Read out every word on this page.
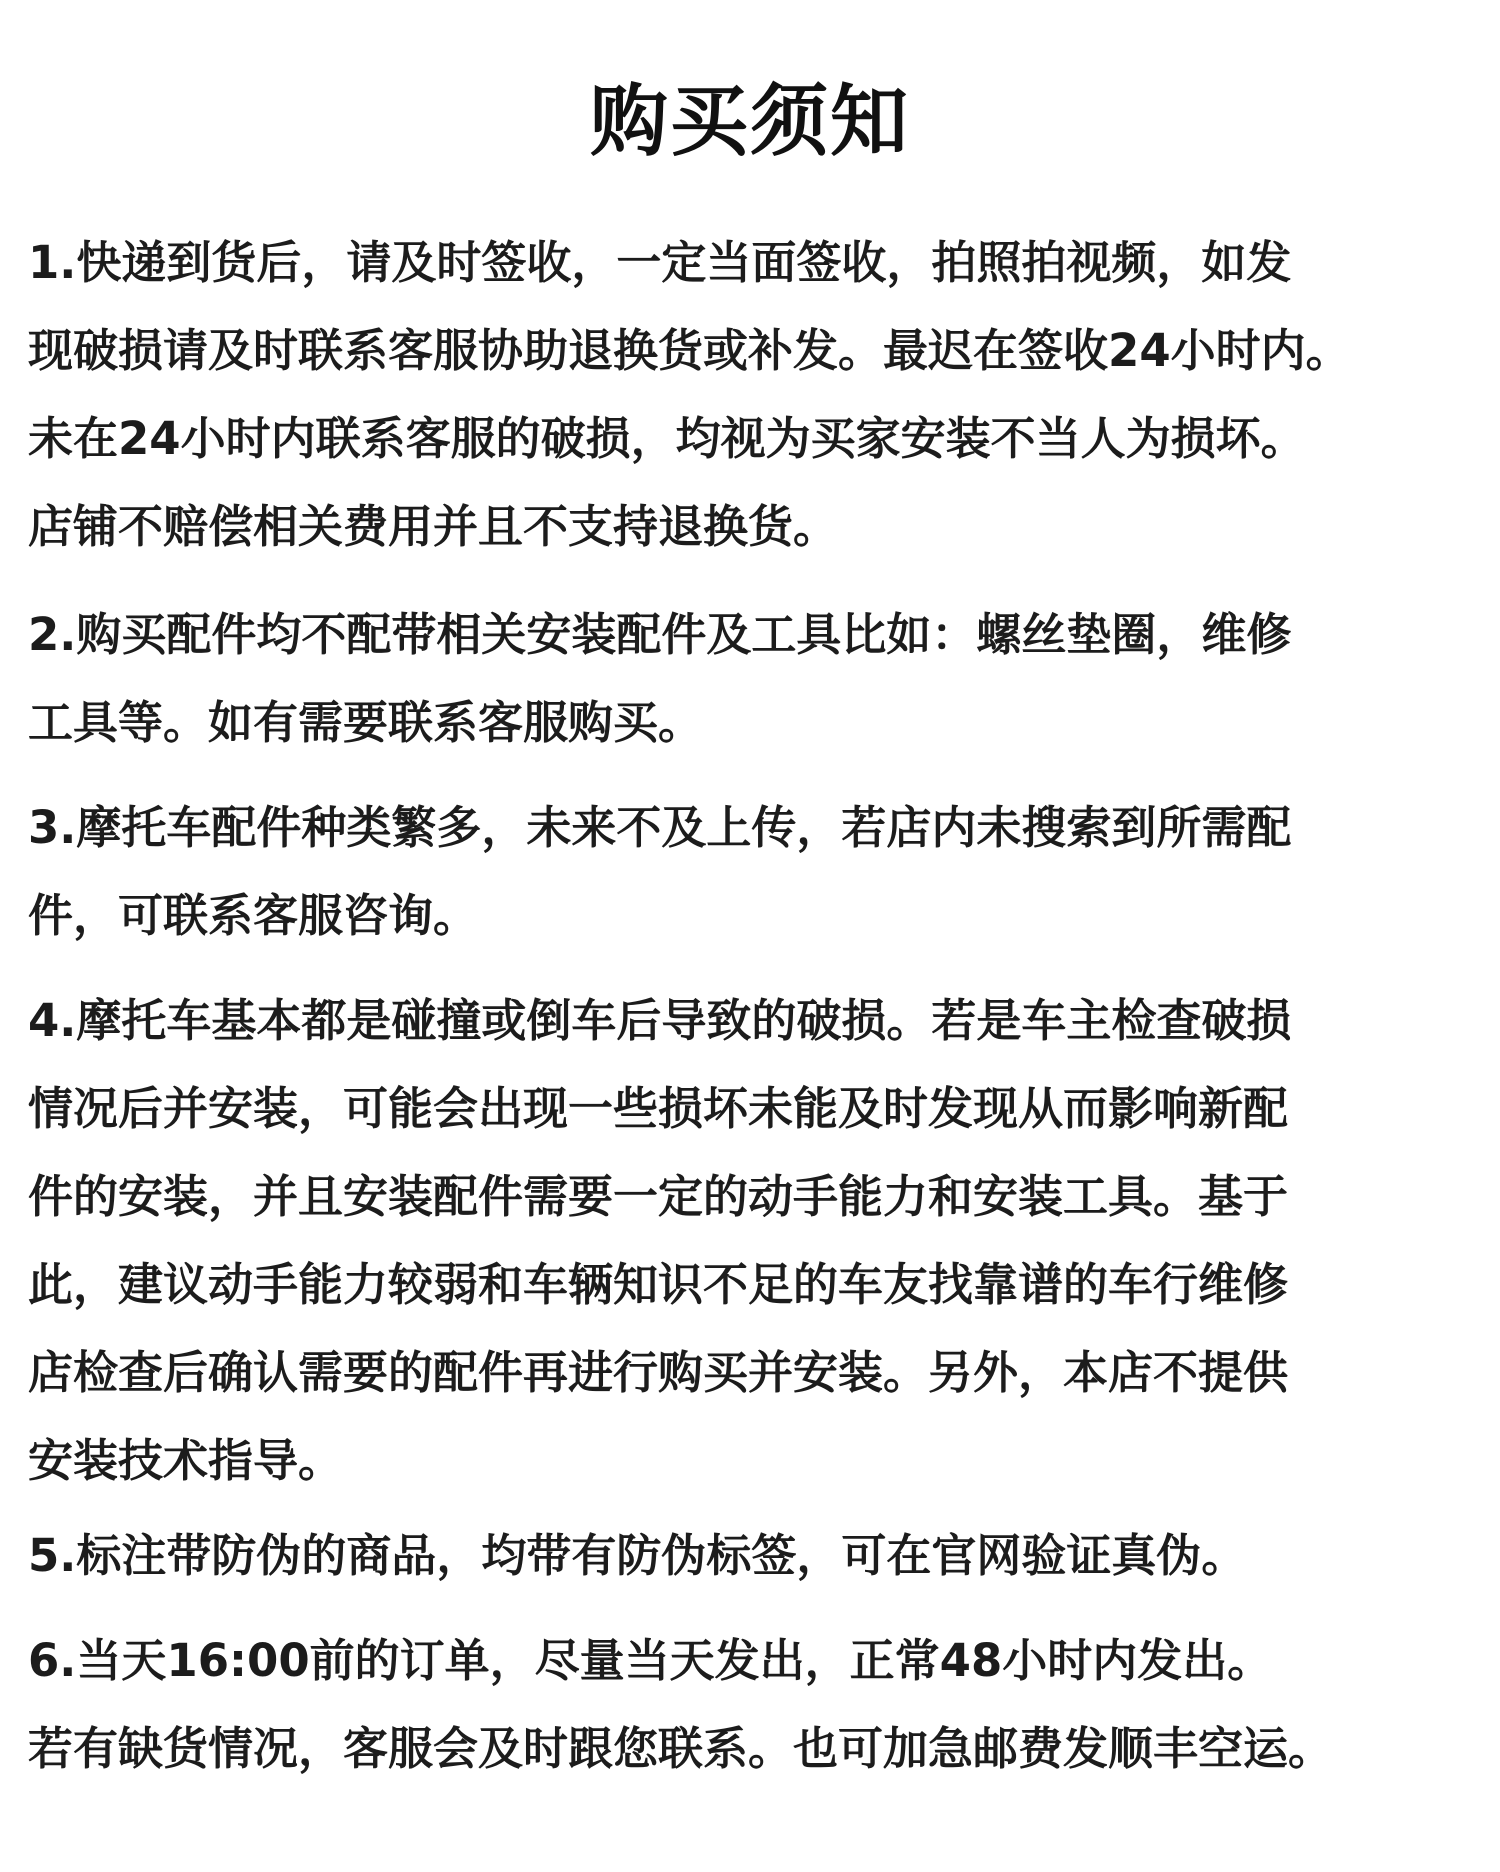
购买须知

1.快递到货后，请及时签收，一定当面签收，拍照拍视频，如发
现破损请及时联系客服协助退换货或补发。最迟在签收24小时内。
未在24小时内联系客服的破损，均视为买家安装不当人为损坏。
店铺不赔偿相关费用并且不支持退换货。

2.购买配件均不配带相关安装配件及工具比如：螺丝垫圈，维修
工具等。如有需要联系客服购买。

3.摩托车配件种类繁多，未来不及上传，若店内未搜索到所需配
件，可联系客服咨询。

4.摩托车基本都是碰撞或倒车后导致的破损。若是车主检查破损
情况后并安装，可能会出现一些损坏未能及时发现从而影响新配
件的安装，并且安装配件需要一定的动手能力和安装工具。基于
此，建议动手能力较弱和车辆知识不足的车友找靠谱的车行维修
店检查后确认需要的配件再进行购买并安装。另外，本店不提供
安装技术指导。

5.标注带防伪的商品，均带有防伪标签，可在官网验证真伪。

6.当天16:00前的订单，尽量当天发出，正常48小时内发出。
若有缺货情况，客服会及时跟您联系。也可加急邮费发顺丰空运。
